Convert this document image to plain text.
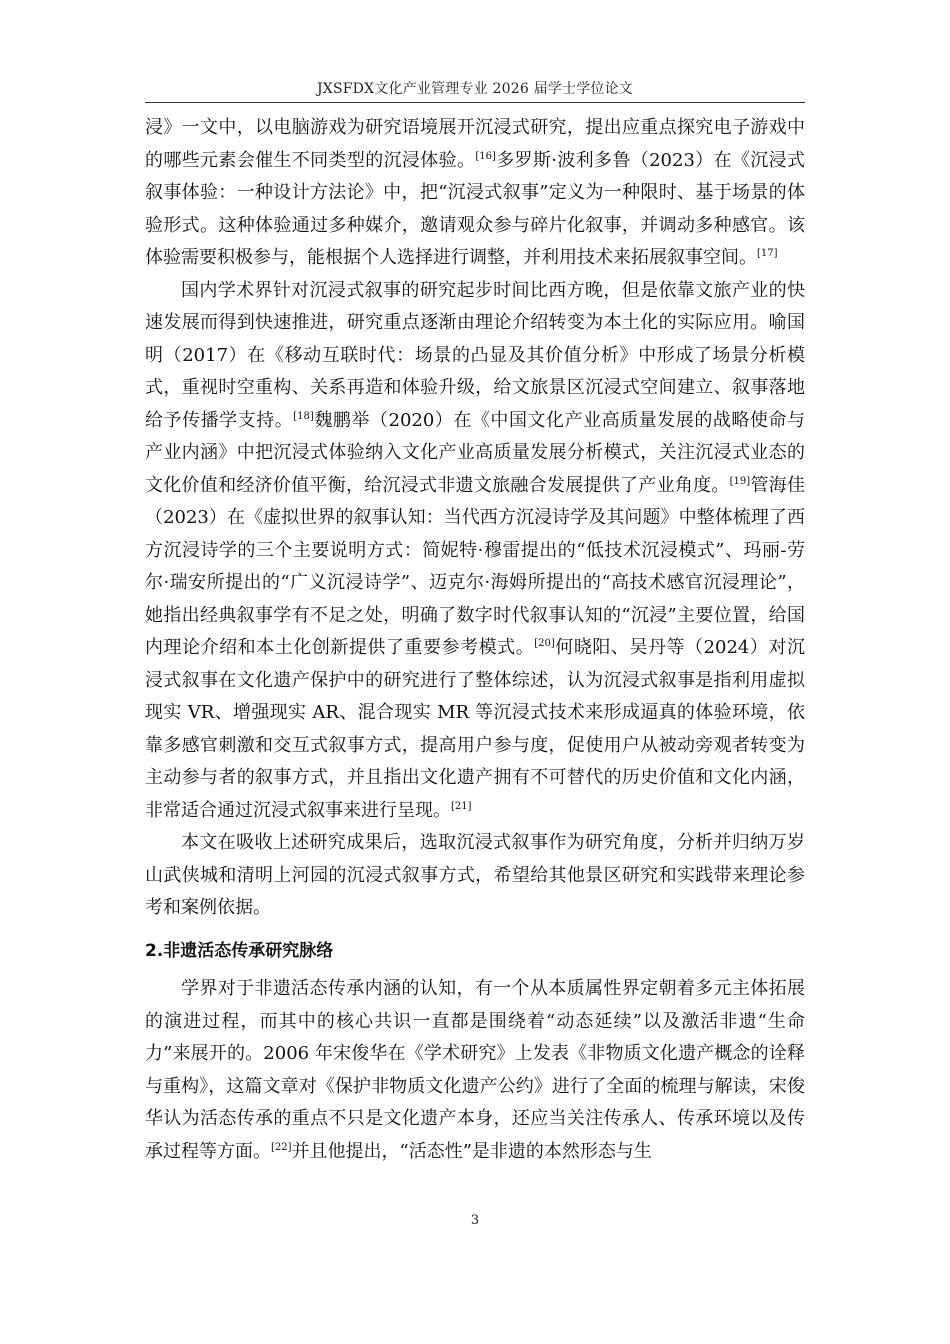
JXSFDX文化产业管理专业 2026 届学士学位论文

浸》一文中，以电脑游戏为研究语境展开沉浸式研究，提出应重点探究电子游戏中的哪些元素会催生不同类型的沉浸体验。[16]多罗斯·波利多鲁（2023）在《沉浸式叙事体验：一种设计方法论》中，把“沉浸式叙事”定义为一种限时、基于场景的体验形式。这种体验通过多种媒介，邀请观众参与碎片化叙事，并调动多种感官。该体验需要积极参与，能根据个人选择进行调整，并利用技术来拓展叙事空间。[17]

国内学术界针对沉浸式叙事的研究起步时间比西方晚，但是依靠文旅产业的快速发展而得到快速推进，研究重点逐渐由理论介绍转变为本土化的实际应用。喻国明（2017）在《移动互联时代：场景的凸显及其价值分析》中形成了场景分析模式，重视时空重构、关系再造和体验升级，给文旅景区沉浸式空间建立、叙事落地给予传播学支持。[18]魏鹏举（2020）在《中国文化产业高质量发展的战略使命与产业内涵》中把沉浸式体验纳入文化产业高质量发展分析模式，关注沉浸式业态的文化价值和经济价值平衡，给沉浸式非遗文旅融合发展提供了产业角度。[19]管海佳（2023）在《虚拟世界的叙事认知：当代西方沉浸诗学及其问题》中整体梳理了西方沉浸诗学的三个主要说明方式：简妮特·穆雷提出的“低技术沉浸模式”、玛丽-劳尔·瑞安所提出的“广义沉浸诗学”、迈克尔·海姆所提出的“高技术感官沉浸理论”，她指出经典叙事学有不足之处，明确了数字时代叙事认知的“沉浸”主要位置，给国内理论介绍和本土化创新提供了重要参考模式。[20]何晓阳、吴丹等（2024）对沉浸式叙事在文化遗产保护中的研究进行了整体综述，认为沉浸式叙事是指利用虚拟现实 VR、增强现实 AR、混合现实 MR 等沉浸式技术来形成逼真的体验环境，依靠多感官刺激和交互式叙事方式，提高用户参与度，促使用户从被动旁观者转变为主动参与者的叙事方式，并且指出文化遗产拥有不可替代的历史价值和文化内涵，非常适合通过沉浸式叙事来进行呈现。[21]

本文在吸收上述研究成果后，选取沉浸式叙事作为研究角度，分析并归纳万岁山武侠城和清明上河园的沉浸式叙事方式，希望给其他景区研究和实践带来理论参考和案例依据。

2.非遗活态传承研究脉络

学界对于非遗活态传承内涵的认知，有一个从本质属性界定朝着多元主体拓展的演进过程，而其中的核心共识一直都是围绕着“动态延续”以及激活非遗“生命力”来展开的。2006 年宋俊华在《学术研究》上发表《非物质文化遗产概念的诠释与重构》，这篇文章对《保护非物质文化遗产公约》进行了全面的梳理与解读，宋俊华认为活态传承的重点不只是文化遗产本身，还应当关注传承人、传承环境以及传承过程等方面。[22]并且他提出，“活态性”是非遗的本然形态与生

3
